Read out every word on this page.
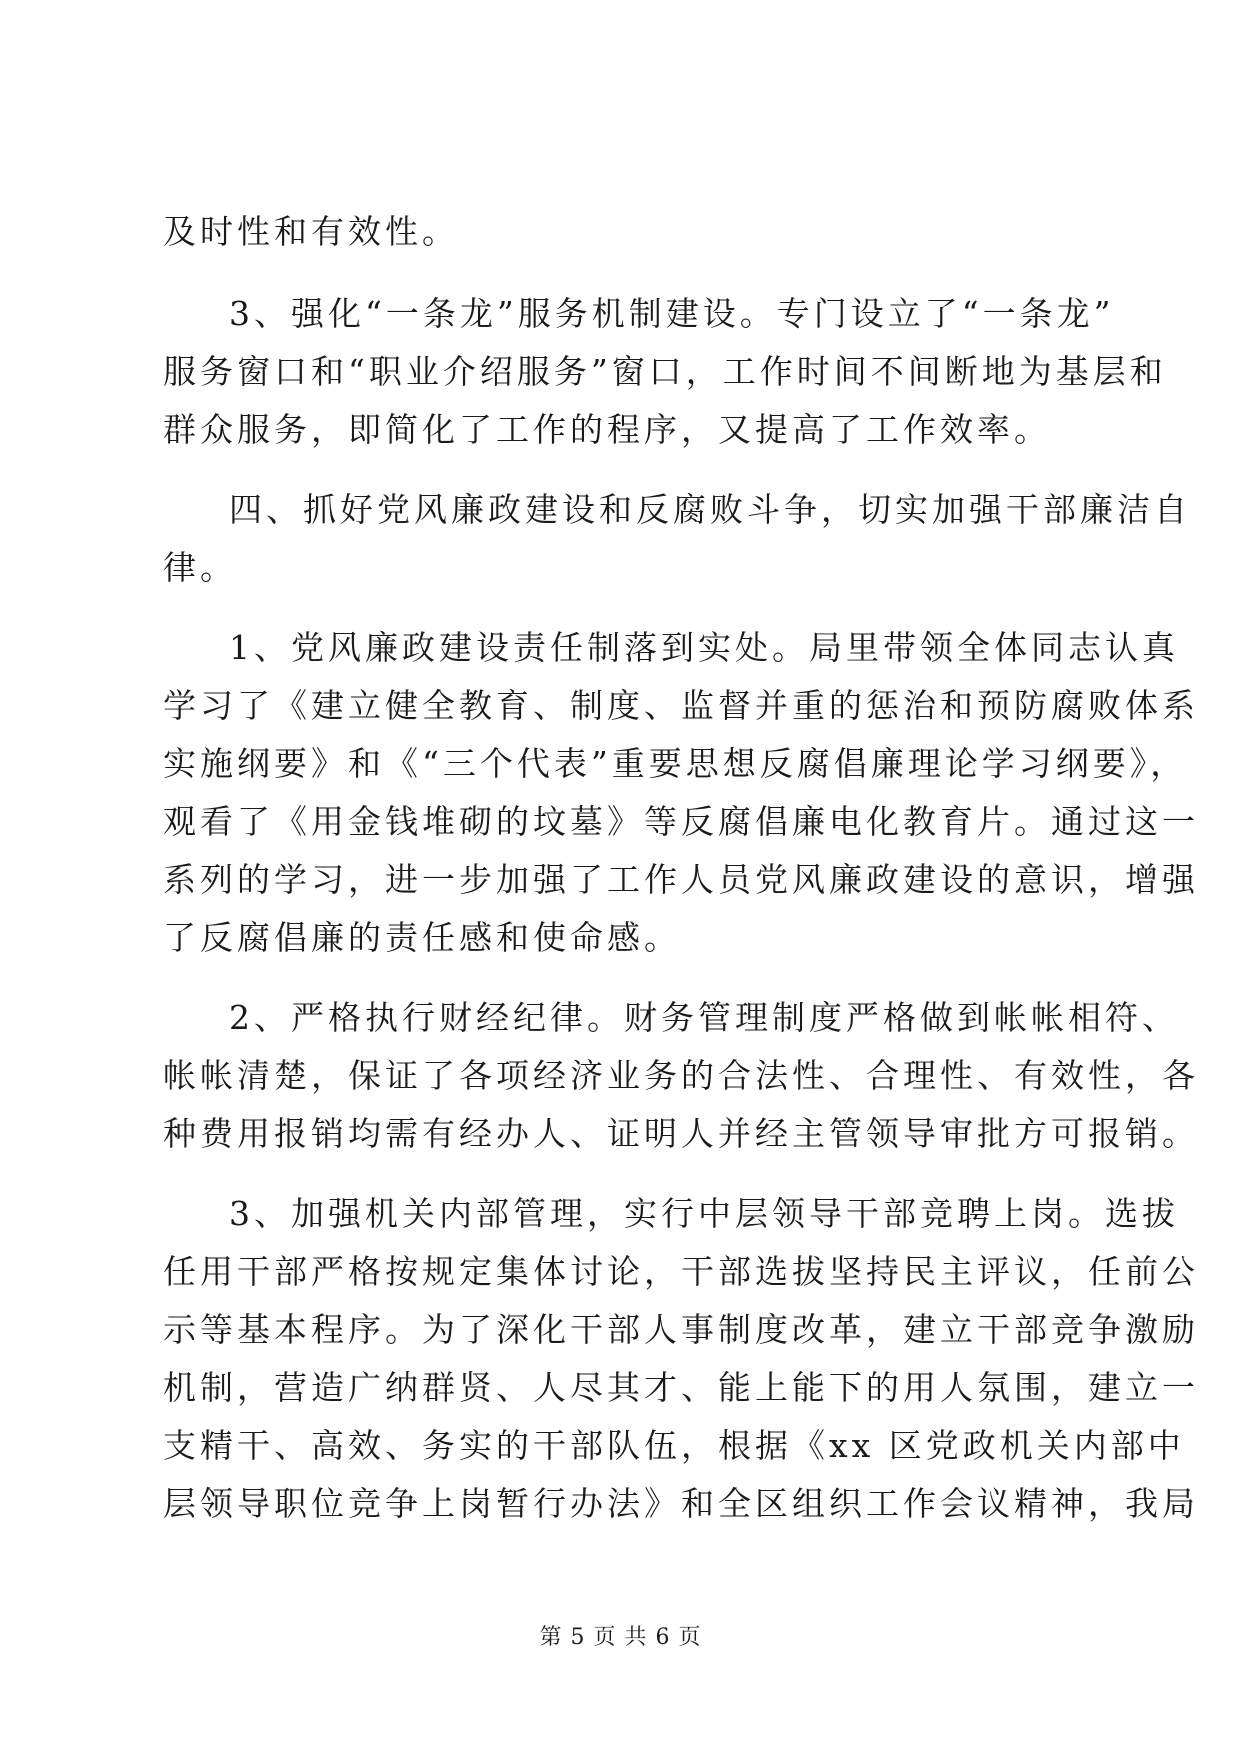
及时性和有效性。
3、强化“一条龙”服务机制建设。专门设立了“一条龙”
服务窗口和“职业介绍服务”窗口，工作时间不间断地为基层和
群众服务，即简化了工作的程序，又提高了工作效率。
四、抓好党风廉政建设和反腐败斗争，切实加强干部廉洁自
律。
1、党风廉政建设责任制落到实处。局里带领全体同志认真
学习了《建立健全教育、制度、监督并重的惩治和预防腐败体系
实施纲要》和《“三个代表”重要思想反腐倡廉理论学习纲要》，
观看了《用金钱堆砌的坟墓》等反腐倡廉电化教育片。通过这一
系列的学习，进一步加强了工作人员党风廉政建设的意识，增强
了反腐倡廉的责任感和使命感。
2、严格执行财经纪律。财务管理制度严格做到帐帐相符、
帐帐清楚，保证了各项经济业务的合法性、合理性、有效性，各
种费用报销均需有经办人、证明人并经主管领导审批方可报销。
3、加强机关内部管理，实行中层领导干部竞聘上岗。选拔
任用干部严格按规定集体讨论，干部选拔坚持民主评议，任前公
示等基本程序。为了深化干部人事制度改革，建立干部竞争激励
机制，营造广纳群贤、人尽其才、能上能下的用人氛围，建立一
支精干、高效、务实的干部队伍，根据《xx 区党政机关内部中
层领导职位竞争上岗暂行办法》和全区组织工作会议精神，我局
第 5 页 共 6 页
